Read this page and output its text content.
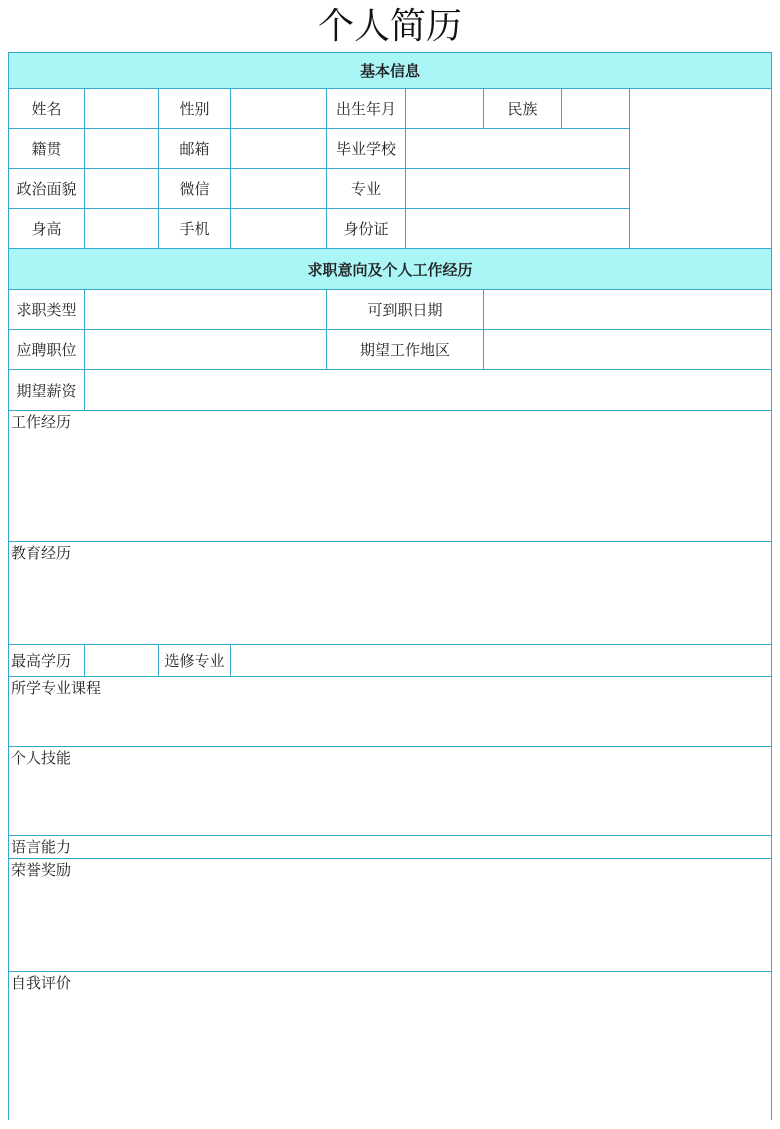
个人简历
基本信息								
姓名		性别		出生年月		民族		
籍贯		邮箱		毕业学校				
政治面貌		微信		专业				
身高		手机		身份证				
求职意向及个人工作经历								
求职类型				可到职日期				
应聘职位				期望工作地区				
期望薪资								
工作经历								
教育经历								
最高学历		选修专业						
所学专业课程								
个人技能								
语言能力								
荣誉奖励								
自我评价								
